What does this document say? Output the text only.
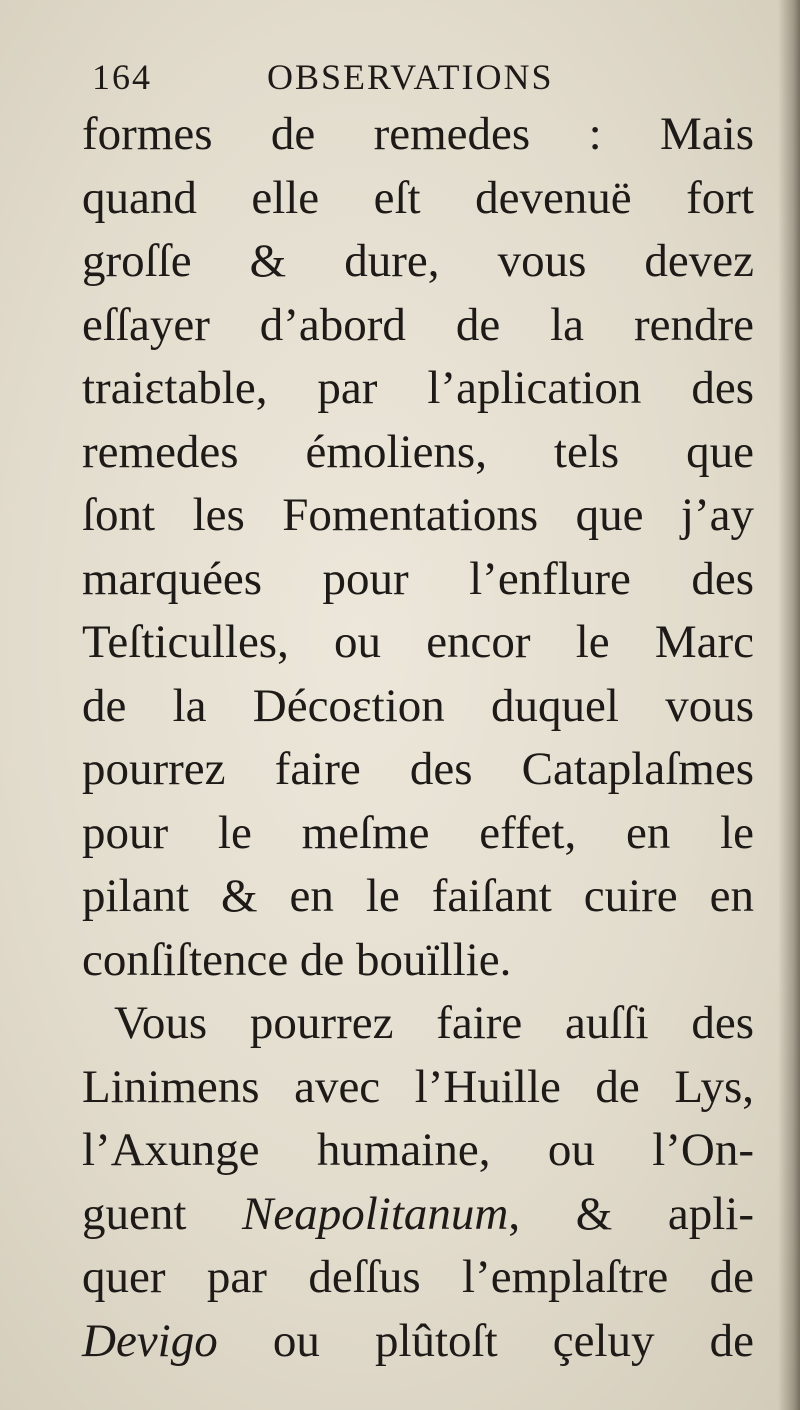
164	OBSERVATIONS
formes de remedes : Mais
quand elle eſt devenuë fort
groſſe & dure, vous devez
eſſayer d’abord de la rendre
traiɛtable, par l’aplication des
remedes émoliens, tels que
ſont les Fomentations que j’ay
marquées pour l’enflure des
Teſticulles, ou encor le Marc
de la Décoɛtion duquel vous
pourrez faire des Cataplaſmes
pour le meſme effet, en le
pilant & en le faiſant cuire en
conſiſtence de bouïllie.
Vous pourrez faire auſſi des
Linimens avec l’Huille de Lys,
l’Axunge humaine, ou l’On-
guent Neapolitanum, & apli-
quer par deſſus l’emplaſtre de
Devigo ou plûtoſt çeluy de
